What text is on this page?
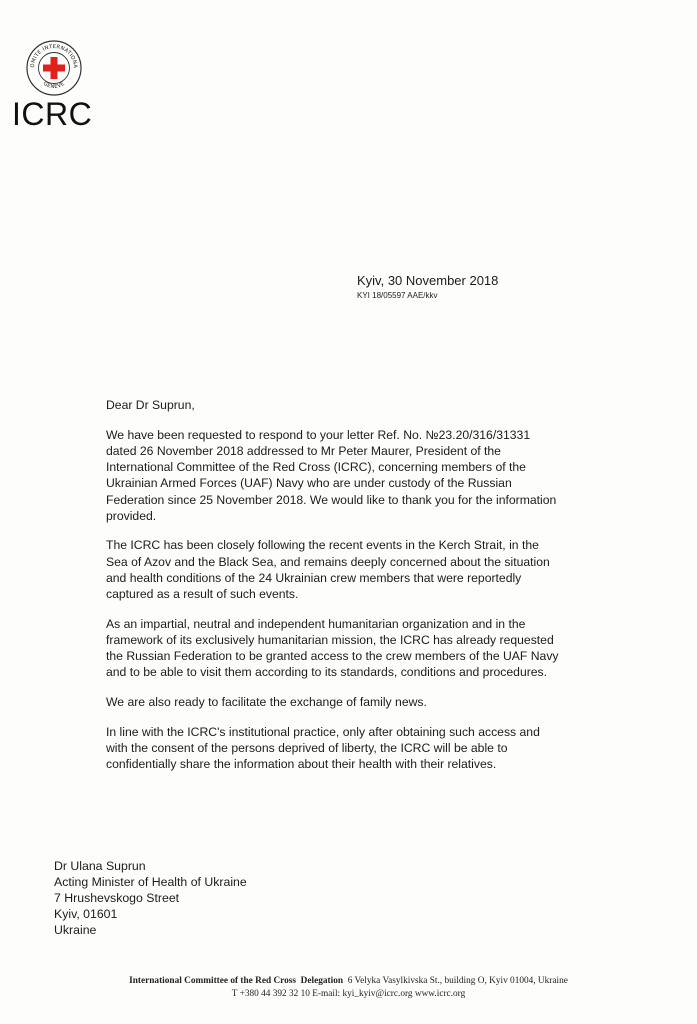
OMITE INTERNATIONA
GENEVE
ICRC
Kyiv, 30 November 2018
KYI 18/05597 AAE/kkv

Dear Dr Suprun,

We have been requested to respond to your letter Ref. No. №23.20/316/31331
dated 26 November 2018 addressed to Mr Peter Maurer, President of the
International Committee of the Red Cross (ICRC), concerning members of the
Ukrainian Armed Forces (UAF) Navy who are under custody of the Russian
Federation since 25 November 2018. We would like to thank you for the information
provided.

The ICRC has been closely following the recent events in the Kerch Strait, in the
Sea of Azov and the Black Sea, and remains deeply concerned about the situation
and health conditions of the 24 Ukrainian crew members that were reportedly
captured as a result of such events.

As an impartial, neutral and independent humanitarian organization and in the
framework of its exclusively humanitarian mission, the ICRC has already requested
the Russian Federation to be granted access to the crew members of the UAF Navy
and to be able to visit them according to its standards, conditions and procedures.

We are also ready to facilitate the exchange of family news.

In line with the ICRC's institutional practice, only after obtaining such access and
with the consent of the persons deprived of liberty, the ICRC will be able to
confidentially share the information about their health with their relatives.

Dr Ulana Suprun
Acting Minister of Health of Ukraine
7 Hrushevskogo Street
Kyiv, 01601
Ukraine
International Committee of the Red Cross Delegation 6 Velyka Vasylkivska St., building O, Kyiv 01004, Ukraine
T +380 44 392 32 10 E-mail: kyi_kyiv@icrc.org www.icrc.org
